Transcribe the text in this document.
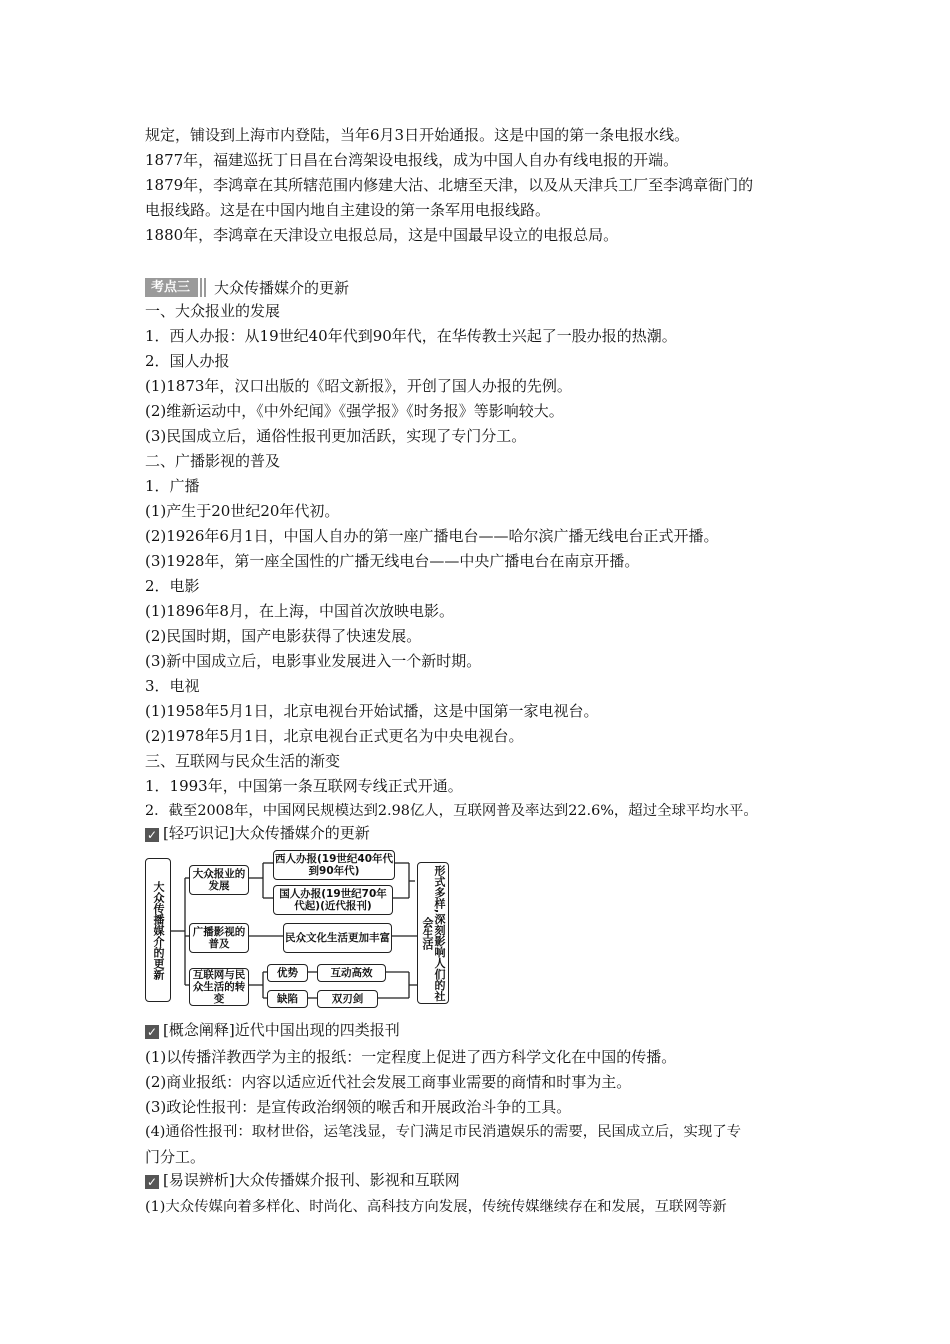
规定，铺设到上海市内登陆，当年6月3日开始通报。这是中国的第一条电报水线。
1877年，福建巡抚丁日昌在台湾架设电报线，成为中国人自办有线电报的开端。
1879年，李鸿章在其所辖范围内修建大沽、北塘至天津，以及从天津兵工厂至李鸿章衙门的
电报线路。这是在中国内地自主建设的第一条军用电报线路。
1880年，李鸿章在天津设立电报总局，这是中国最早设立的电报总局。
考点三	大众传播媒介的更新
一、大众报业的发展
1．西人办报：从19世纪40年代到90年代，在华传教士兴起了一股办报的热潮。
2．国人办报
(1)1873年，汉口出版的《昭文新报》，开创了国人办报的先例。
(2)维新运动中，《中外纪闻》《强学报》《时务报》等影响较大。
(3)民国成立后，通俗性报刊更加活跃，实现了专门分工。
二、广播影视的普及
1．广播
(1)产生于20世纪20年代初。
(2)1926年6月1日，中国人自办的第一座广播电台——哈尔滨广播无线电台正式开播。
(3)1928年，第一座全国性的广播无线电台——中央广播电台在南京开播。
2．电影
(1)1896年8月，在上海，中国首次放映电影。
(2)民国时期，国产电影获得了快速发展。
(3)新中国成立后，电影事业发展进入一个新时期。
3．电视
(1)1958年5月1日，北京电视台开始试播，这是中国第一家电视台。
(2)1978年5月1日，北京电视台正式更名为中央电视台。
三、互联网与民众生活的渐变
1．1993年，中国第一条互联网专线正式开通。
2．截至2008年，中国网民规模达到2.98亿人，互联网普及率达到22.6%，超过全球平均水平。
✓ [轻巧识记]大众传播媒介的更新
大众传播媒介的更新
大众报业的发展
广播影视的普及
互联网与民众生活的转变
西人办报(19世纪40年代到90年代)
国人办报(19世纪70年代起)(近代报刊)
民众文化生活更加丰富
优势	互动高效
缺陷	双刃剑	形式多样,深刻影响人们的社会生活
✓ [概念阐释]近代中国出现的四类报刊
(1)以传播洋教西学为主的报纸：一定程度上促进了西方科学文化在中国的传播。
(2)商业报纸：内容以适应近代社会发展工商事业需要的商情和时事为主。
(3)政论性报刊：是宣传政治纲领的喉舌和开展政治斗争的工具。
(4)通俗性报刊：取材世俗，运笔浅显，专门满足市民消遣娱乐的需要，民国成立后，实现了专
门分工。
✓ [易误辨析]大众传播媒介报刊、影视和互联网
(1)大众传媒向着多样化、时尚化、高科技方向发展，传统传媒继续存在和发展，互联网等新
